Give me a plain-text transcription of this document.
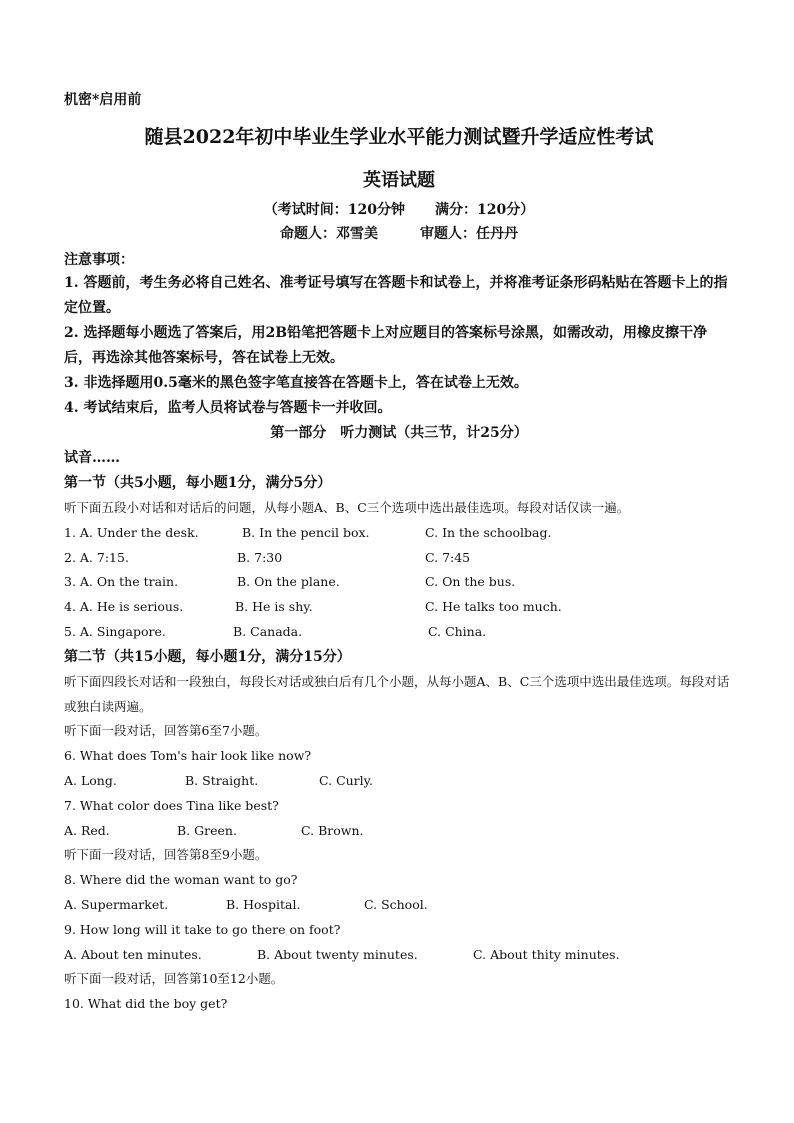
机密*启用前
随县2022年初中毕业生学业水平能力测试暨升学适应性考试
英语试题
（考试时间：120分钟 满分：120分）
命题人：邓雪美	审题人：任丹丹
注意事项：
1. 答题前，考生务必将自己姓名、准考证号填写在答题卡和试卷上，并将准考证条形码粘贴在答题卡上的指定位置。
2. 选择题每小题选了答案后，用2B铅笔把答题卡上对应题目的答案标号涂黑，如需改动，用橡皮擦干净后，再选涂其他答案标号，答在试卷上无效。
3. 非选择题用0.5毫米的黑色签字笔直接答在答题卡上，答在试卷上无效。
4. 考试结束后，监考人员将试卷与答题卡一并收回。
第一部分　听力测试（共三节，计25分）
试音……
第一节（共5小题，每小题1分，满分5分）
听下面五段小对话和对话后的问题，从每小题A、B、C三个选项中选出最佳选项。每段对话仅读一遍。
1. A. Under the desk.	B. In the pencil box.	C. In the schoolbag.
2. A. 7:15.	B. 7:30	C. 7:45
3. A. On the train.	B. On the plane.	C. On the bus.
4. A. He is serious.	B. He is shy.	C. He talks too much.
5. A. Singapore.	B. Canada.	C. China.
第二节（共15小题，每小题1分，满分15分）
听下面四段长对话和一段独白，每段长对话或独白后有几个小题，从每小题A、B、C三个选项中选出最佳选项。每段对话或独白读两遍。
听下面一段对话，回答第6至7小题。
6. What does Tom's hair look like now?
A. Long.	B. Straight.	C. Curly.
7. What color does Tina like best?
A. Red.	B. Green.	C. Brown.
听下面一段对话，回答第8至9小题。
8. Where did the woman want to go?
A. Supermarket.	B. Hospital.	C. School.
9. How long will it take to go there on foot?
A. About ten minutes.	B. About twenty minutes.	C. About thity minutes.
听下面一段对话，回答第10至12小题。
10. What did the boy get?
